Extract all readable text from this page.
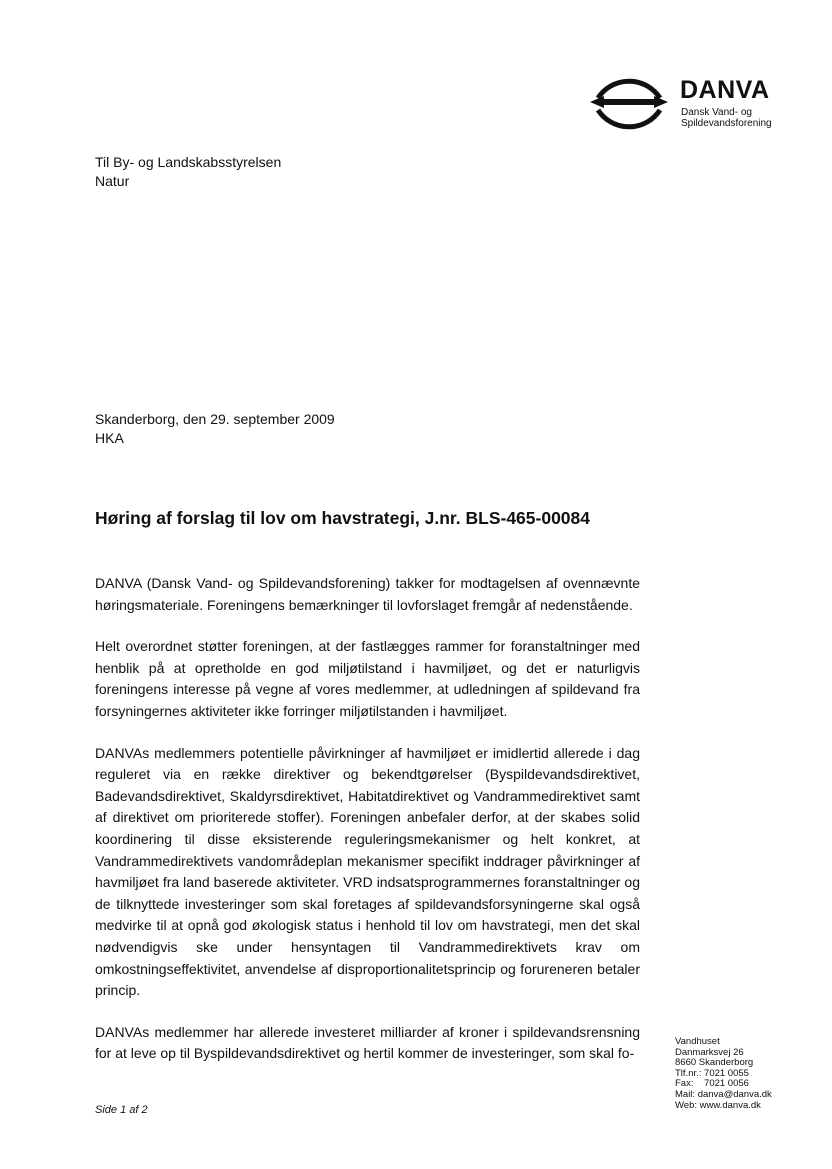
DANVA
Dansk Vand- og
Spildevandsforening
Til By- og Landskabsstyrelsen
Natur
Skanderborg, den 29. september 2009
HKA
Høring af forslag til lov om havstrategi, J.nr. BLS-465-00084

DANVA (Dansk Vand- og Spildevandsforening) takker for modtagelsen af ovennævnte høringsmateriale. Foreningens bemærkninger til lovforslaget fremgår af nedenstående.

Helt overordnet støtter foreningen, at der fastlægges rammer for foranstaltninger med henblik på at opretholde en god miljøtilstand i havmiljøet, og det er naturligvis foreningens interesse på vegne af vores medlemmer, at udledningen af spildevand fra forsyningernes aktiviteter ikke forringer miljøtilstanden i havmiljøet.

DANVAs medlemmers potentielle påvirkninger af havmiljøet er imidlertid allerede i dag reguleret via en række direktiver og bekendtgørelser (Byspildevandsdirektivet, Badevandsdirektivet, Skaldyrsdirektivet, Habitatdirektivet og Vandrammedirektivet samt af direktivet om prioriterede stoffer). Foreningen anbefaler derfor, at der skabes solid koordinering til disse eksisterende reguleringsmekanismer og helt konkret, at Vandrammedirektivets vandområdeplan mekanismer specifikt inddrager påvirkninger af havmiljøet fra land baserede aktiviteter. VRD indsatsprogrammernes foranstaltninger og de tilknyttede investeringer som skal foretages af spildevandsforsyningerne skal også medvirke til at opnå god økologisk status i henhold til lov om havstrategi, men det skal nødvendigvis ske under hensyntagen til Vandrammedirektivets krav om omkostningseffektivitet, anvendelse af disproportionalitetsprincip og forureneren betaler princip.

DANVAs medlemmer har allerede investeret milliarder af kroner i spildevandsrensning for at leve op til Byspildevandsdirektivet og hertil kommer de investeringer, som skal fo-

Side 1 af 2
Vandhuset
Danmarksvej 26
8660 Skanderborg
Tlf.nr.: 7021 0055
Fax:    7021 0056
Mail: danva@danva.dk
Web: www.danva.dk
